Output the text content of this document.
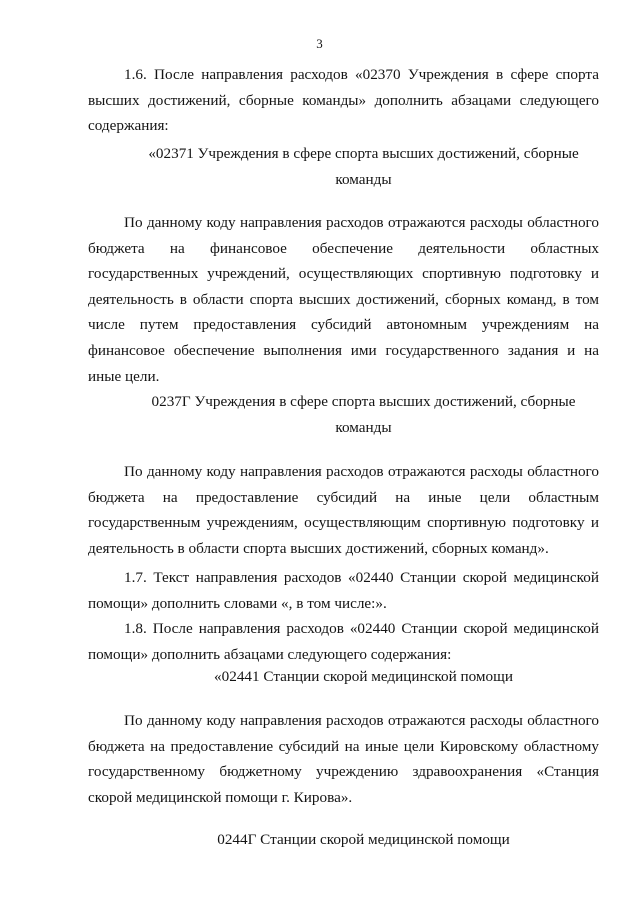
3

1.6. После направления расходов «02370 Учреждения в сфере спорта высших достижений, сборные команды» дополнить абзацами следующего содержания:

«02371 Учреждения в сфере спорта высших достижений, сборные
команды

По данному коду направления расходов отражаются расходы областного бюджета на финансовое обеспечение деятельности областных государственных учреждений, осуществляющих спортивную подготовку и деятельность в области спорта высших достижений, сборных команд, в том числе путем предоставления субсидий автономным учреждениям на финансовое обеспечение выполнения ими государственного задания и на иные цели.

0237Г Учреждения в сфере спорта высших достижений, сборные
команды

По данному коду направления расходов отражаются расходы областного бюджета на предоставление субсидий на иные цели областным государственным учреждениям, осуществляющим спортивную подготовку и деятельность в области спорта высших достижений, сборных команд».

1.7. Текст направления расходов «02440 Станции скорой медицинской помощи» дополнить словами «, в том числе:».

1.8. После направления расходов «02440 Станции скорой медицинской помощи» дополнить абзацами следующего содержания:

«02441 Станции скорой медицинской помощи

По данному коду направления расходов отражаются расходы областного бюджета на предоставление субсидий на иные цели Кировскому областному государственному бюджетному учреждению здравоохранения «Станция скорой медицинской помощи г. Кирова».

0244Г Станции скорой медицинской помощи
